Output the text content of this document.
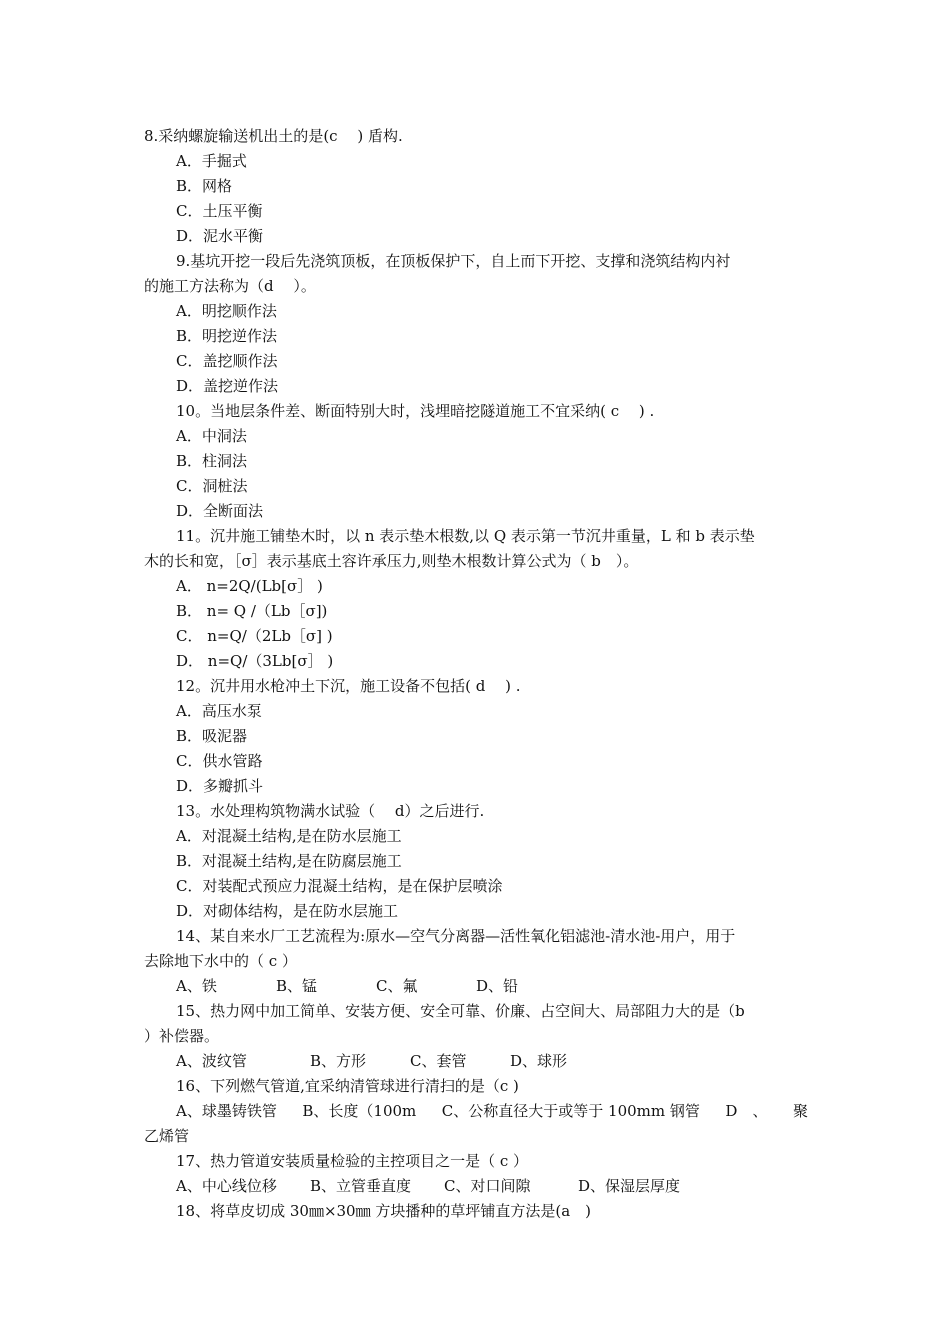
8.采纳螺旋输送机出土的是(c　 ) 盾构.
A．手掘式
B．网格
C．土压平衡
D．泥水平衡
9.基坑开挖一段后先浇筑顶板，在顶板保护下，自上而下开挖、支撑和浇筑结构内衬
的施工方法称为（d　 ）。
A．明挖顺作法
B．明挖逆作法
C．盖挖顺作法
D．盖挖逆作法
10。当地层条件差、断面特别大时，浅埋暗挖隧道施工不宜采纳( c　 ) .
A．中洞法
B．柱洞法
C．洞桩法
D．全断面法
11。沉井施工铺垫木时，以 n 表示垫木根数,以 Q 表示第一节沉井重量，L 和 b 表示垫
木的长和宽，［σ］表示基底土容许承压力,则垫木根数计算公式为（ b　）。
A． n=2Q/(Lb[σ］ )
B． n= Q /（Lb［σ])
C． n=Q/（2Lb［σ] )
D． n=Q/（3Lb[σ］ )
12。沉井用水枪冲土下沉，施工设备不包括( d　 ) .
A．高压水泵
B．吸泥器
C．供水管路
D．多瓣抓斗
13。水处理构筑物满水试验（　 d）之后进行.
A．对混凝土结构,是在防水层施工
B．对混凝土结构,是在防腐层施工
C．对装配式预应力混凝土结构，是在保护层喷涂
D．对砌体结构，是在防水层施工
14、某自来水厂工艺流程为:原水—空气分离器—活性氧化铝滤池-清水池-用户，用于
去除地下水中的（ c ）
A、铁	B、锰	C、氟	D、铅
15、热力网中加工简单、安装方便、安全可靠、价廉、占空间大、局部阻力大的是（b
）补偿器。
A、波纹管	B、方形	C、套管	D、球形
16、下列燃气管道,宜采纳清管球进行清扫的是（c )
A、球墨铸铁管 B、长度（100m C、公称直径大于或等于 100mm 钢管 D　、 聚
乙烯管
17、热力管道安装质量检验的主控项目之一是（ c ）
A、中心线位移	B、立管垂直度	C、对口间隙	D、保湿层厚度
18、将草皮切成 30㎜×30㎜ 方块播种的草坪铺直方法是(a　)
